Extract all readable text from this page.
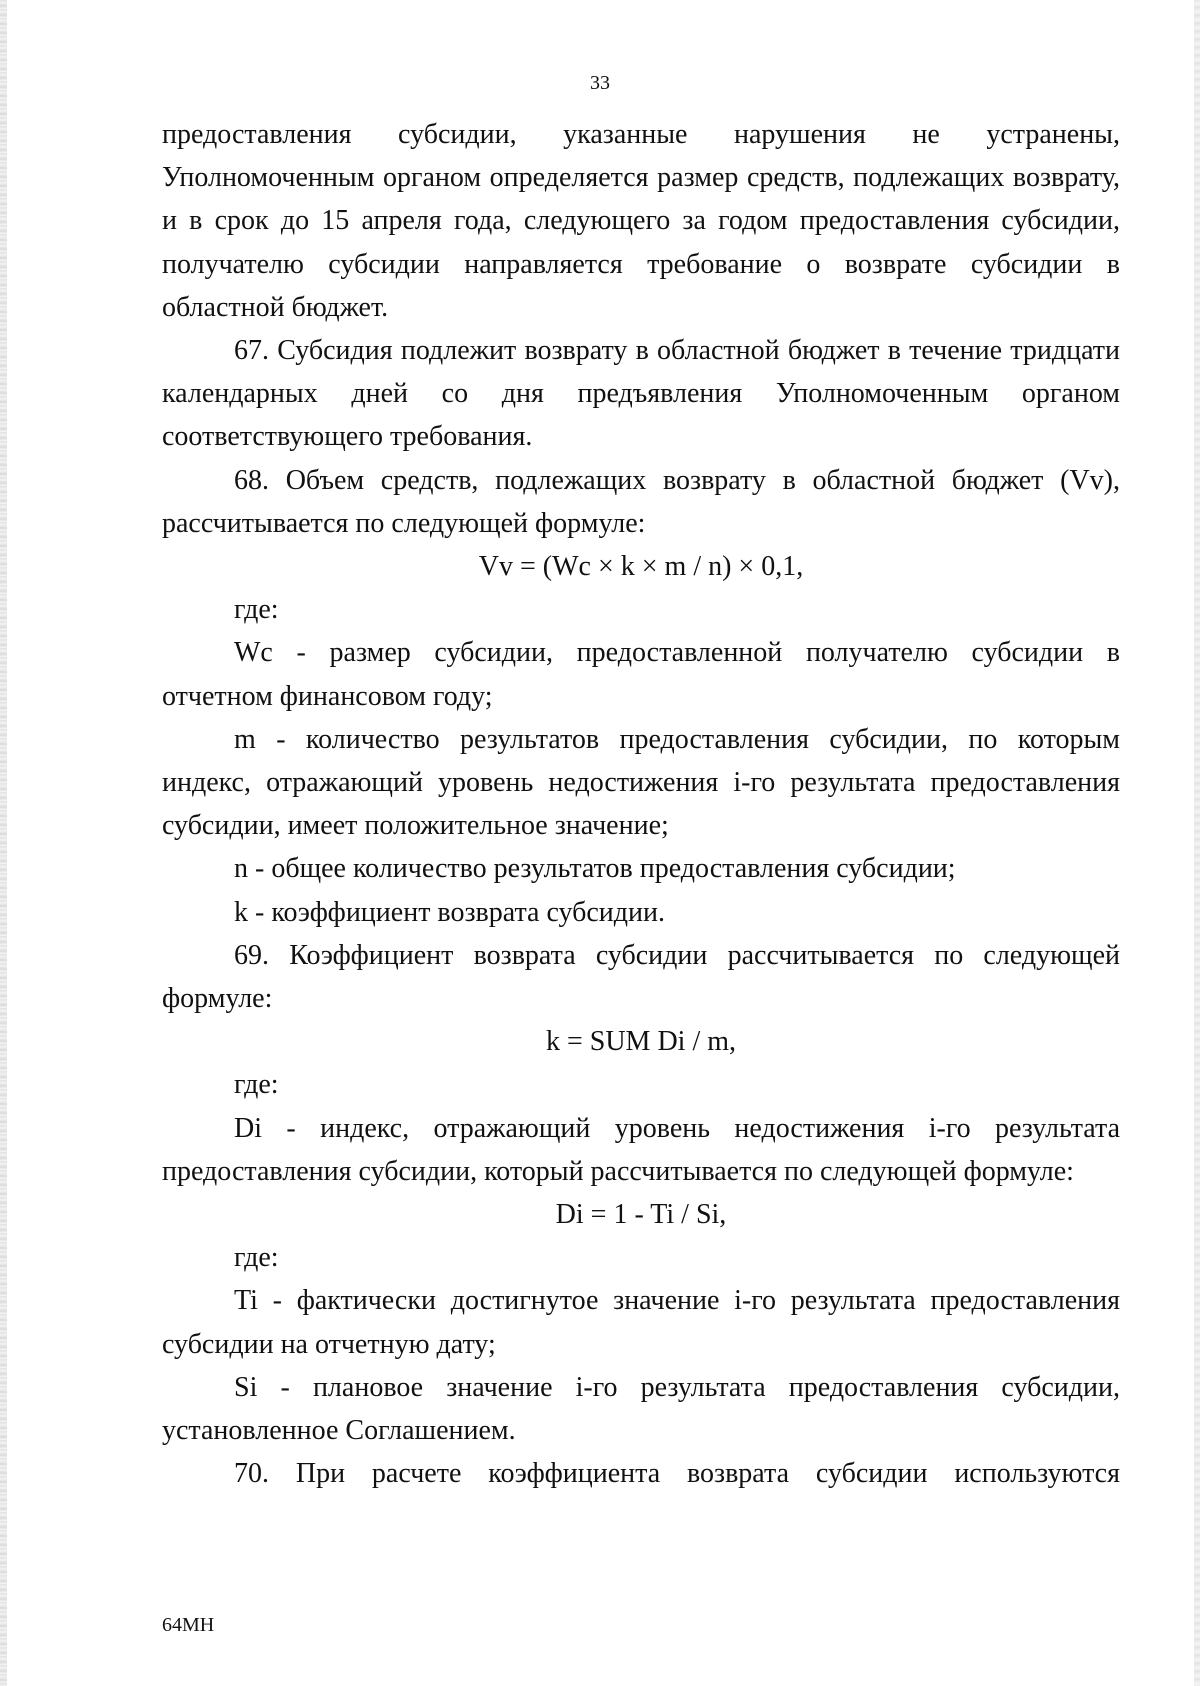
33

предоставления субсидии, указанные нарушения не устранены, Уполномоченным органом определяется размер средств, подлежащих возврату, и в срок до 15 апреля года, следующего за годом предоставления субсидии, получателю субсидии направляется требование о возврате субсидии в областной бюджет.

67. Субсидия подлежит возврату в областной бюджет в течение тридцати календарных дней со дня предъявления Уполномоченным органом соответствующего требования.

68. Объем средств, подлежащих возврату в областной бюджет (Vv), рассчитывается по следующей формуле:

Vv = (Wc × k × m / n) × 0,1,

где:

Wc - размер субсидии, предоставленной получателю субсидии в отчетном финансовом году;

m - количество результатов предоставления субсидии, по которым индекс, отражающий уровень недостижения i-го результата предоставления субсидии, имеет положительное значение;

n - общее количество результатов предоставления субсидии;

k - коэффициент возврата субсидии.

69. Коэффициент возврата субсидии рассчитывается по следующей формуле:

k = SUM Di / m,

где:

Di - индекс, отражающий уровень недостижения i-го результата предоставления субсидии, который рассчитывается по следующей формуле:

Di = 1 - Ti / Si,

где:

Ti - фактически достигнутое значение i-го результата предоставления субсидии на отчетную дату;

Si - плановое значение i-го результата предоставления субсидии, установленное Соглашением.

70. При расчете коэффициента возврата субсидии используются

64МН
